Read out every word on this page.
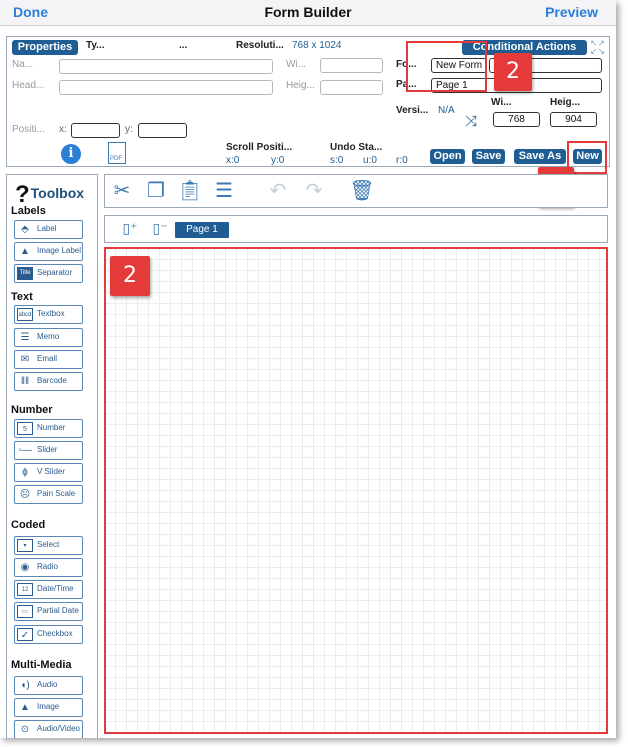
Done	Form Builder	Preview
Properties	Ty...	...	Resoluti... 768 x 1024	Conditional Actions	↖↗
↙↘
Na...
Head...
Wi...
Heig...
Fo...	New Form
Pa...	Page 1
Versi... N/A
Wi...	Heig...
⤨	768	904
Positi... x:	y:
i	PDF
Scroll Positi...
x:0	y:0
Undo Sta...
s:0 u:0 r:0	Open	Save	Save As	New
2
?Toolbox
Labels
⬘	Label
▲ Image Label
Title Separator
Text
abcd Textbox
☰ Memo
✉ Email
‖‖ Barcode
Number
5	Number
◦— Slider
ɸ	V Slider
☹ Pain Scale
Coded
▾	Select
◉ Radio
12	Date/Time
▭	Partial Date
✓ Checkbox
Multi-Media
◖) Audio
▲ Image
⊙ Audio/Video
✂ ❐ 📋︎ ☰ ↶ ↷ 🗑︎
▯⁺ ▯⁻	Page 1
2
